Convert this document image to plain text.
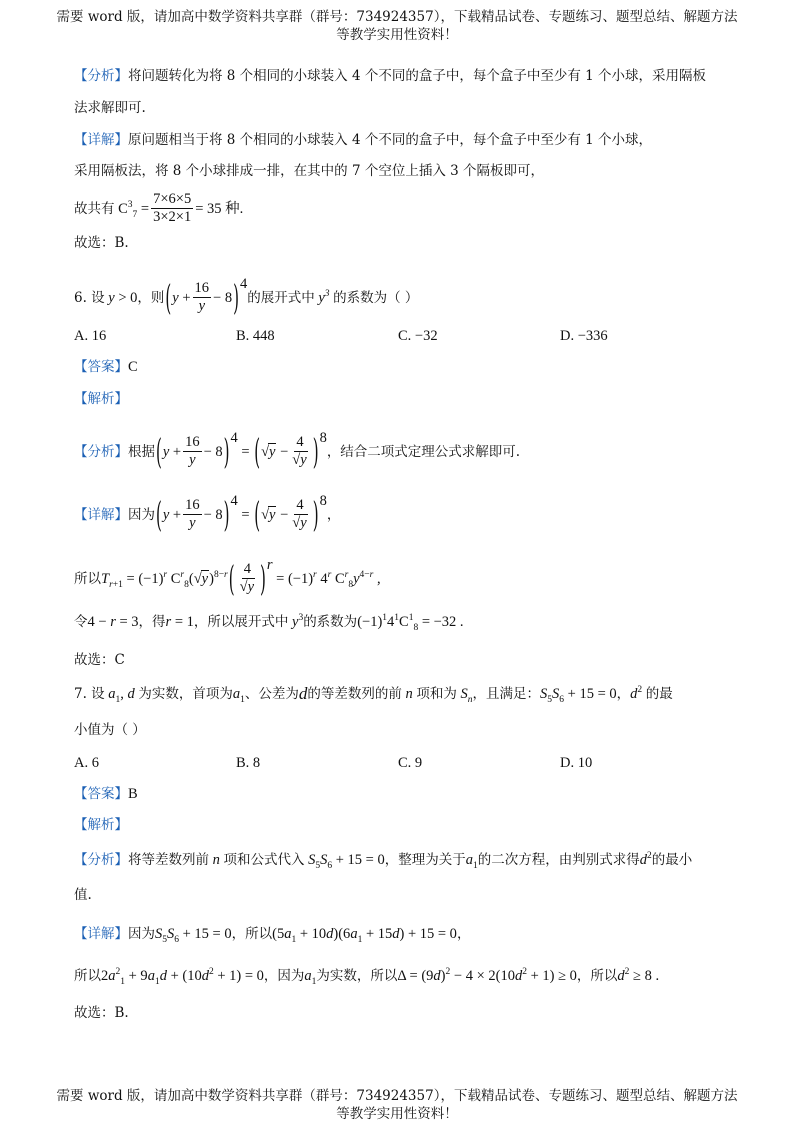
需要 word 版，请加高中数学资料共享群（群号：734924357），下载精品试卷、专题练习、题型总结、解题方法
等教学实用性资料！
【分析】 将问题转化为将 8 个相同的小球装入 4 个不同的盒子中，每个盒子中至少有 1 个小球，采用隔板
法求解即可.
【详解】 原问题相当于将 8 个相同的小球装入 4 个不同的盒子中，每个盒子中至少有 1 个小球，
采用隔板法，将 8 个小球排成一排，在其中的 7 个空位上插入 3 个隔板即可，
故共有 $C^3_7 = \frac{7\times 6\times 5}{3\times 2\times 1} = 35$ 种.
故选：B.
6. 设 y > 0 ，则 ( $y + \frac{16}{y} - 8$ )$^4$
的展开式中 $y^3$ 的系数为（ ）
A. 16	B. 448	C. −32	D. −336
【答案】 C
【解析】
【分析】 根据 ( $y + \frac{16}{y} - 8$ )$^4$
= ( $√y - \frac{4}{√y} )^8$
，结合二项式定理公式求解即可.
【详解】 因为 ( $y + \frac{16}{y} - 8$ )$^4$
= ( $√y - \frac{4}{√y} )^8$
，
所以 $T_{r+1} = (-1)^r$ $C^r_8(√y)^{8-r}$ ( $\frac{4}{√y} )^r$
= $(-1)^r$ 4$^r$ $C^r_8y^{4-r}$ ,
令 4 − r = 3 ，得 r = 1 ，所以展开式中 $y^3$ 的系数为 $(-1)^14^1C^1_8 = -32$ .
故选：C
7. 设 $a_1$, d 为实数，首项为 $a_1$ 、公差为 d 的等差数列的前 n 项和为 $S_n$ ，且满足： $S_5S_6 + 15 = 0$ ， $d^2$ 的最
小值为（ ）
A. 6	B. 8	C. 9	D. 10
【答案】 B
【解析】
【分析】 将等差数列前 n 项和公式代入 $S_5S_6 + 15 = 0$ ，整理为关于 $a_1$ 的二次方程，由判别式求得 $d^2$ 的最小
值.
【详解】 因为 $S_5S_6 + 15 = 0$ ，所以 $(5a_1 + 10d)(6a_1 + 15d) + 15 = 0$ ，
所以 $2a^2_1 + 9a_1d + (10d^2 + 1) = 0$ ，因为 $a_1$ 为实数，所以 $\Delta = (9d)^2 - 4 \times 2(10d^2 + 1) \ge 0$ ，所以 $d^2 \ge 8$ .
故选：B.
需要 word 版，请加高中数学资料共享群（群号：734924357），下载精品试卷、专题练习、题型总结、解题方法
等教学实用性资料！
